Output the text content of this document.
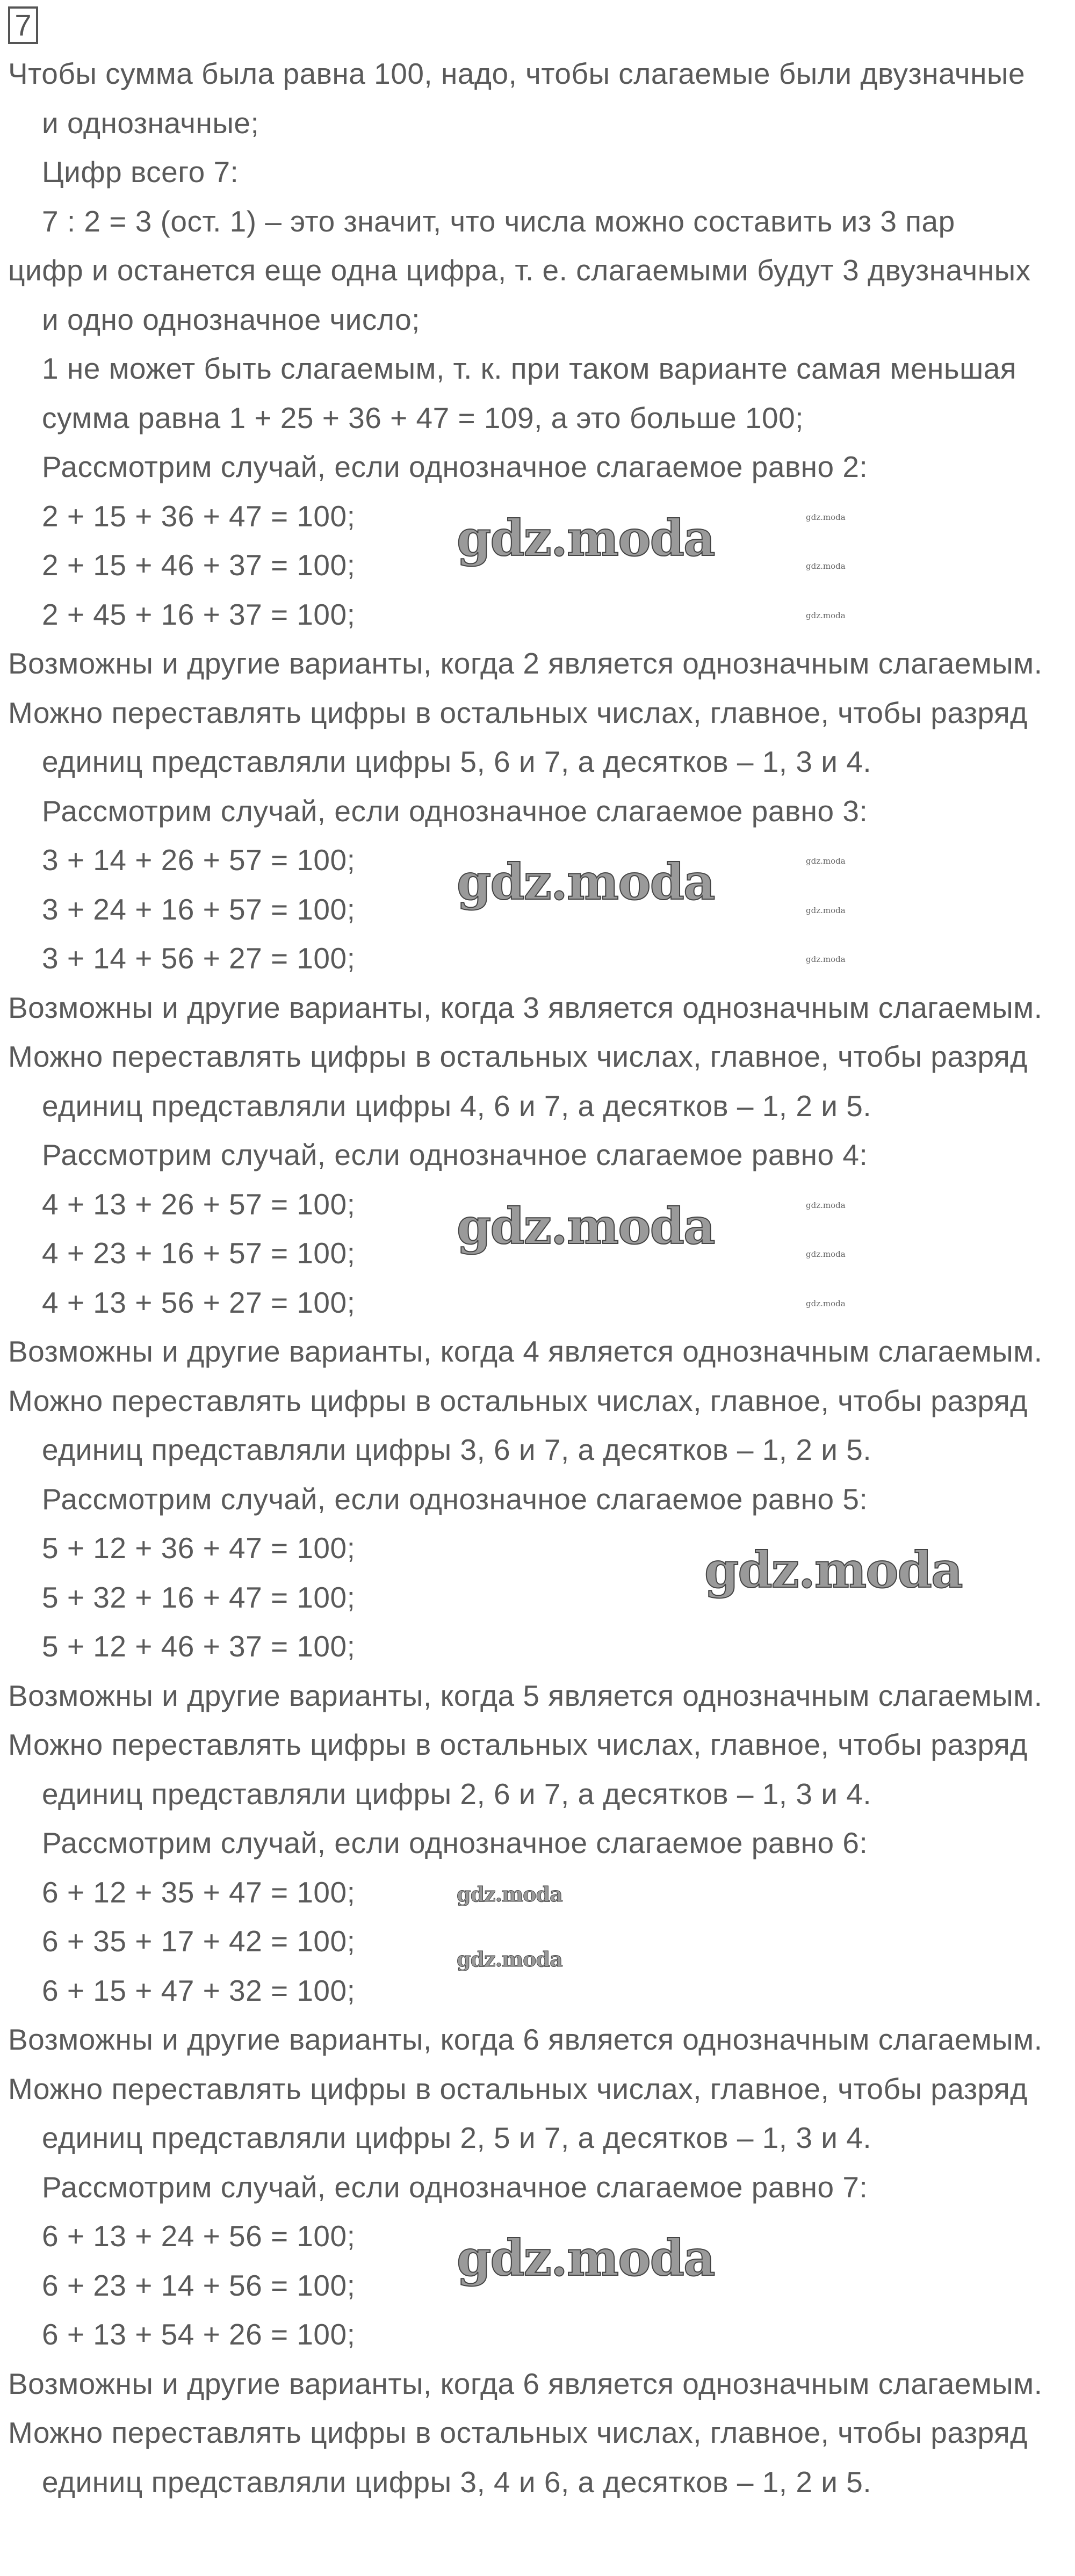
7
Чтобы сумма была равна 100, надо, чтобы слагаемые были двузначные
и однозначные;
Цифр всего 7:
7 : 2 = 3 (ост. 1) – это значит, что числа можно составить из 3 пар
цифр и останется еще одна цифра, т. е. слагаемыми будут 3 двузначных
и одно однозначное число;
1 не может быть слагаемым, т. к. при таком варианте самая меньшая
сумма равна 1 + 25 + 36 + 47 = 109, а это больше 100;
Рассмотрим случай, если однозначное слагаемое равно 2:
2 + 15 + 36 + 47 = 100;
2 + 15 + 46 + 37 = 100;
2 + 45 + 16 + 37 = 100;
Возможны и другие варианты, когда 2 является однозначным слагаемым.
Можно переставлять цифры в остальных числах, главное, чтобы разряд
единиц представляли цифры 5, 6 и 7, а десятков – 1, 3 и 4.
Рассмотрим случай, если однозначное слагаемое равно 3:
3 + 14 + 26 + 57 = 100;
3 + 24 + 16 + 57 = 100;
3 + 14 + 56 + 27 = 100;
Возможны и другие варианты, когда 3 является однозначным слагаемым.
Можно переставлять цифры в остальных числах, главное, чтобы разряд
единиц представляли цифры 4, 6 и 7, а десятков – 1, 2 и 5.
Рассмотрим случай, если однозначное слагаемое равно 4:
4 + 13 + 26 + 57 = 100;
4 + 23 + 16 + 57 = 100;
4 + 13 + 56 + 27 = 100;
Возможны и другие варианты, когда 4 является однозначным слагаемым.
Можно переставлять цифры в остальных числах, главное, чтобы разряд
единиц представляли цифры 3, 6 и 7, а десятков – 1, 2 и 5.
Рассмотрим случай, если однозначное слагаемое равно 5:
5 + 12 + 36 + 47 = 100;
5 + 32 + 16 + 47 = 100;
5 + 12 + 46 + 37 = 100;
Возможны и другие варианты, когда 5 является однозначным слагаемым.
Можно переставлять цифры в остальных числах, главное, чтобы разряд
единиц представляли цифры 2, 6 и 7, а десятков – 1, 3 и 4.
Рассмотрим случай, если однозначное слагаемое равно 6:
6 + 12 + 35 + 47 = 100;
6 + 35 + 17 + 42 = 100;
6 + 15 + 47 + 32 = 100;
Возможны и другие варианты, когда 6 является однозначным слагаемым.
Можно переставлять цифры в остальных числах, главное, чтобы разряд
единиц представляли цифры 2, 5 и 7, а десятков – 1, 3 и 4.
Рассмотрим случай, если однозначное слагаемое равно 7:
6 + 13 + 24 + 56 = 100;
6 + 23 + 14 + 56 = 100;
6 + 13 + 54 + 26 = 100;
Возможны и другие варианты, когда 6 является однозначным слагаемым.
Можно переставлять цифры в остальных числах, главное, чтобы разряд
единиц представляли цифры 3, 4 и 6, а десятков – 1, 2 и 5.
gdz.moda
gdz.moda
gdz.moda
gdz.moda
gdz.moda
gdz.moda
gdz.moda
gdz.moda
gdz.moda
gdz.moda
gdz.moda
gdz.moda
gdz.moda
gdz.moda
gdz.moda
gdz.moda
